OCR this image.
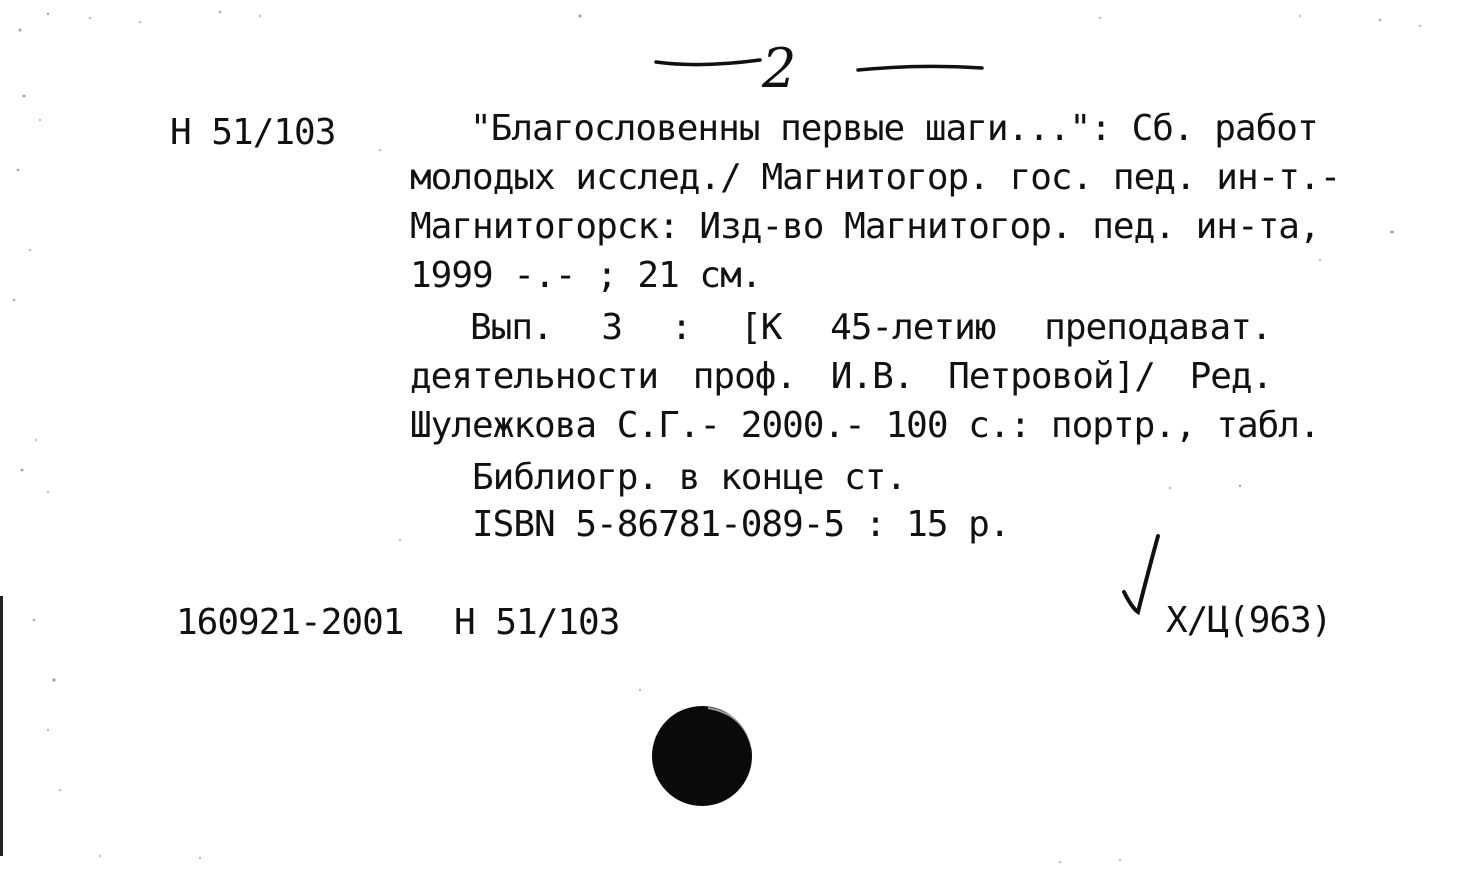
2
Н 51/103	"Благословенны первые шаги...": Сб. работ
молодых исслед./ Магнитогор. гос. пед. ин-т.-
Магнитогорск: Изд-во Магнитогор. пед. ин-та,
1999 -.- ; 21 см.
Вып. 3 : [К 45-летию преподават.
деятельности проф. И.В. Петровой]/ Ред.
Шулежкова С.Г.- 2000.- 100 с.: портр., табл.
Библиогр. в конце ст.
ISBN 5-86781-089-5 : 15 р.
160921-2001 Н 51/103	Х/Ц(963)
